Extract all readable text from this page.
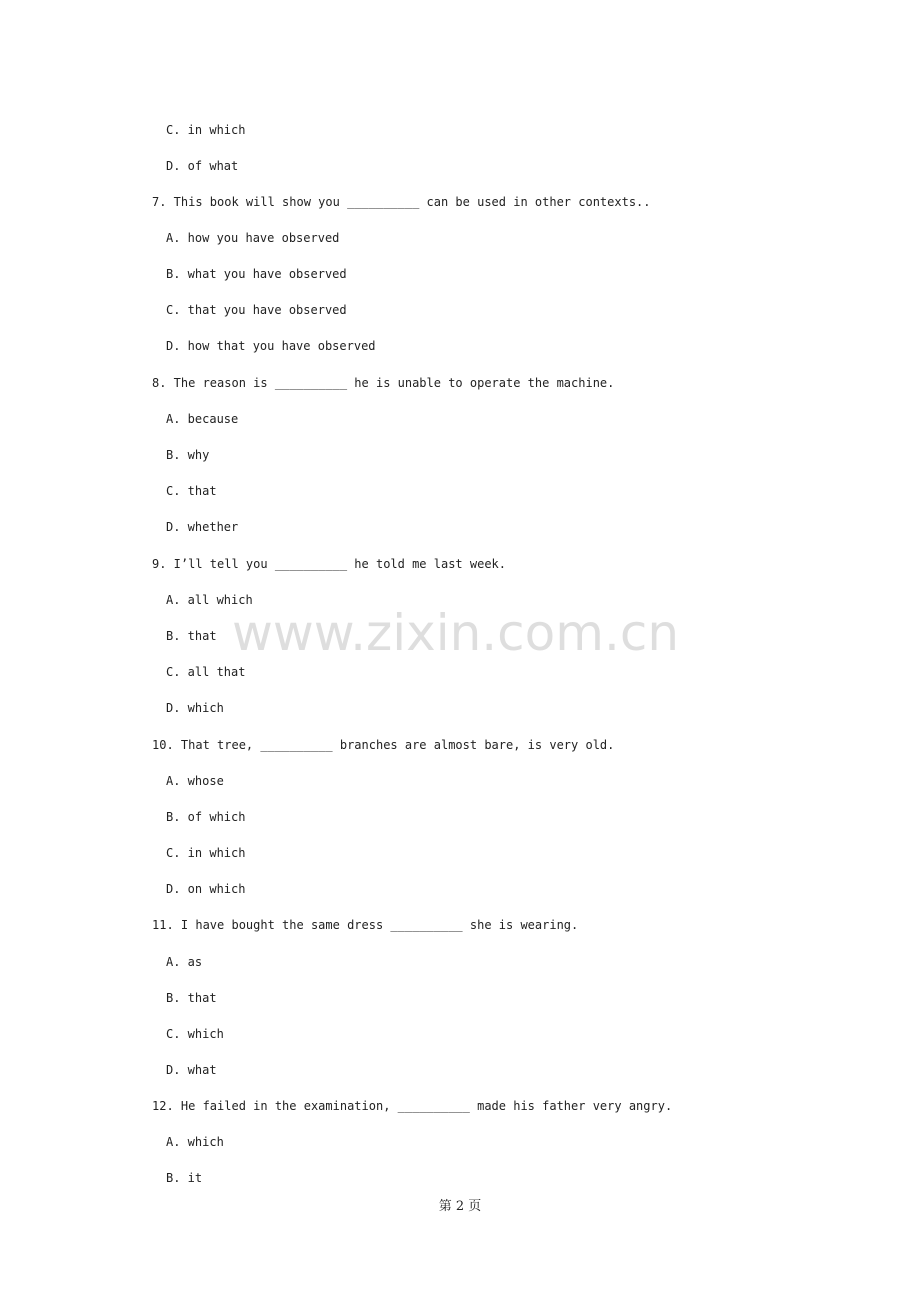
C. in which
D. of what
7. This book will show you __________ can be used in other contexts..
A. how you have observed
B. what you have observed
C. that you have observed
D. how that you have observed
8. The reason is __________ he is unable to operate the machine.
A. because
B. why
C. that
D. whether
9. I’ll tell you __________ he told me last week.
A. all which
B. that
C. all that
D. which
10. That tree, __________ branches are almost bare, is very old.
A. whose
B. of which
C. in which
D. on which
11. I have bought the same dress __________ she is wearing.
A. as
B. that
C. which
D. what
12. He failed in the examination, __________ made his father very angry.
A. which
B. it
www.zixin.com.cn
第 2 页
